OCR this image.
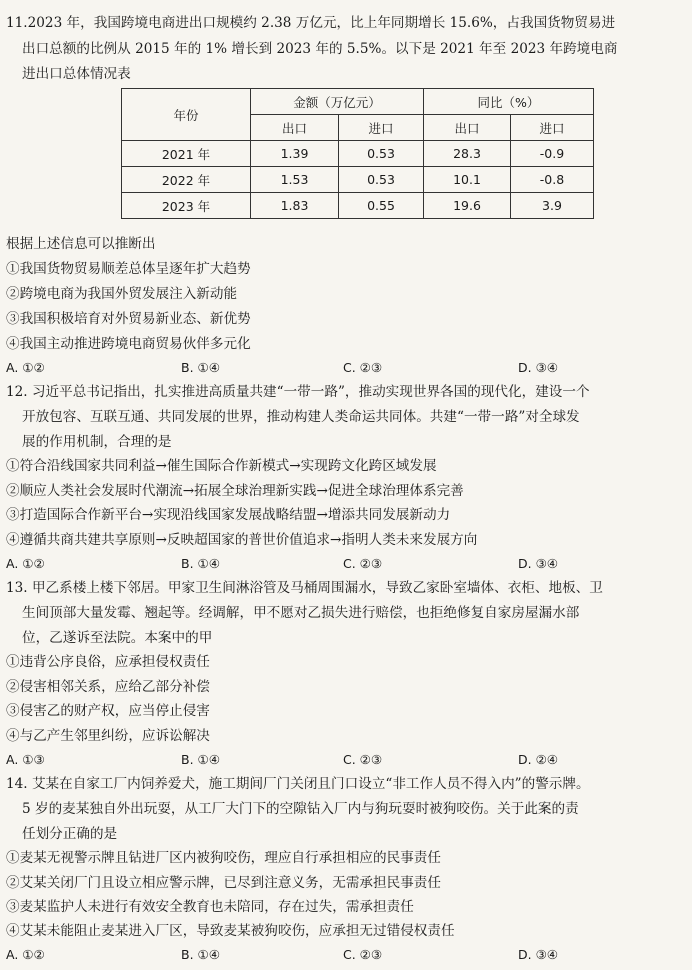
11.2023 年，我国跨境电商进出口规模约 2.38 万亿元，比上年同期增长 15.6%，占我国货物贸易进
出口总额的比例从 2015 年的 1% 增长到 2023 年的 5.5%。以下是 2021 年至 2023 年跨境电商
进出口总体情况表
年份	金额（万亿元）		同比（%）	
	出口	进口	出口	进口
2021 年	1.39	0.53	28.3	-0.9
2022 年	1.53	0.53	10.1	-0.8
2023 年	1.83	0.55	19.6	3.9
根据上述信息可以推断出
①我国货物贸易顺差总体呈逐年扩大趋势
②跨境电商为我国外贸发展注入新动能
③我国积极培育对外贸易新业态、新优势
④我国主动推进跨境电商贸易伙伴多元化
A. ①②	B. ①④	C. ②③	D. ③④
12. 习近平总书记指出，扎实推进高质量共建“一带一路”，推动实现世界各国的现代化，建设一个
开放包容、互联互通、共同发展的世界，推动构建人类命运共同体。共建“一带一路”对全球发
展的作用机制，合理的是
①符合沿线国家共同利益→催生国际合作新模式→实现跨文化跨区域发展
②顺应人类社会发展时代潮流→拓展全球治理新实践→促进全球治理体系完善
③打造国际合作新平台→实现沿线国家发展战略结盟→增添共同发展新动力
④遵循共商共建共享原则→反映超国家的普世价值追求→指明人类未来发展方向
A. ①②	B. ①④	C. ②③	D. ③④
13. 甲乙系楼上楼下邻居。甲家卫生间淋浴管及马桶周围漏水，导致乙家卧室墙体、衣柜、地板、卫
生间顶部大量发霉、翘起等。经调解，甲不愿对乙损失进行赔偿，也拒绝修复自家房屋漏水部
位，乙遂诉至法院。本案中的甲
①违背公序良俗，应承担侵权责任
②侵害相邻关系，应给乙部分补偿
③侵害乙的财产权，应当停止侵害
④与乙产生邻里纠纷，应诉讼解决
A. ①③	B. ①④	C. ②③	D. ②④
14. 艾某在自家工厂内饲养爱犬，施工期间厂门关闭且门口设立“非工作人员不得入内”的警示牌。
5 岁的麦某独自外出玩耍，从工厂大门下的空隙钻入厂内与狗玩耍时被狗咬伤。关于此案的责
任划分正确的是
①麦某无视警示牌且钻进厂区内被狗咬伤，理应自行承担相应的民事责任
②艾某关闭厂门且设立相应警示牌，已尽到注意义务，无需承担民事责任
③麦某监护人未进行有效安全教育也未陪同，存在过失，需承担责任
④艾某未能阻止麦某进入厂区，导致麦某被狗咬伤，应承担无过错侵权责任
A. ①②	B. ①④	C. ②③	D. ③④
